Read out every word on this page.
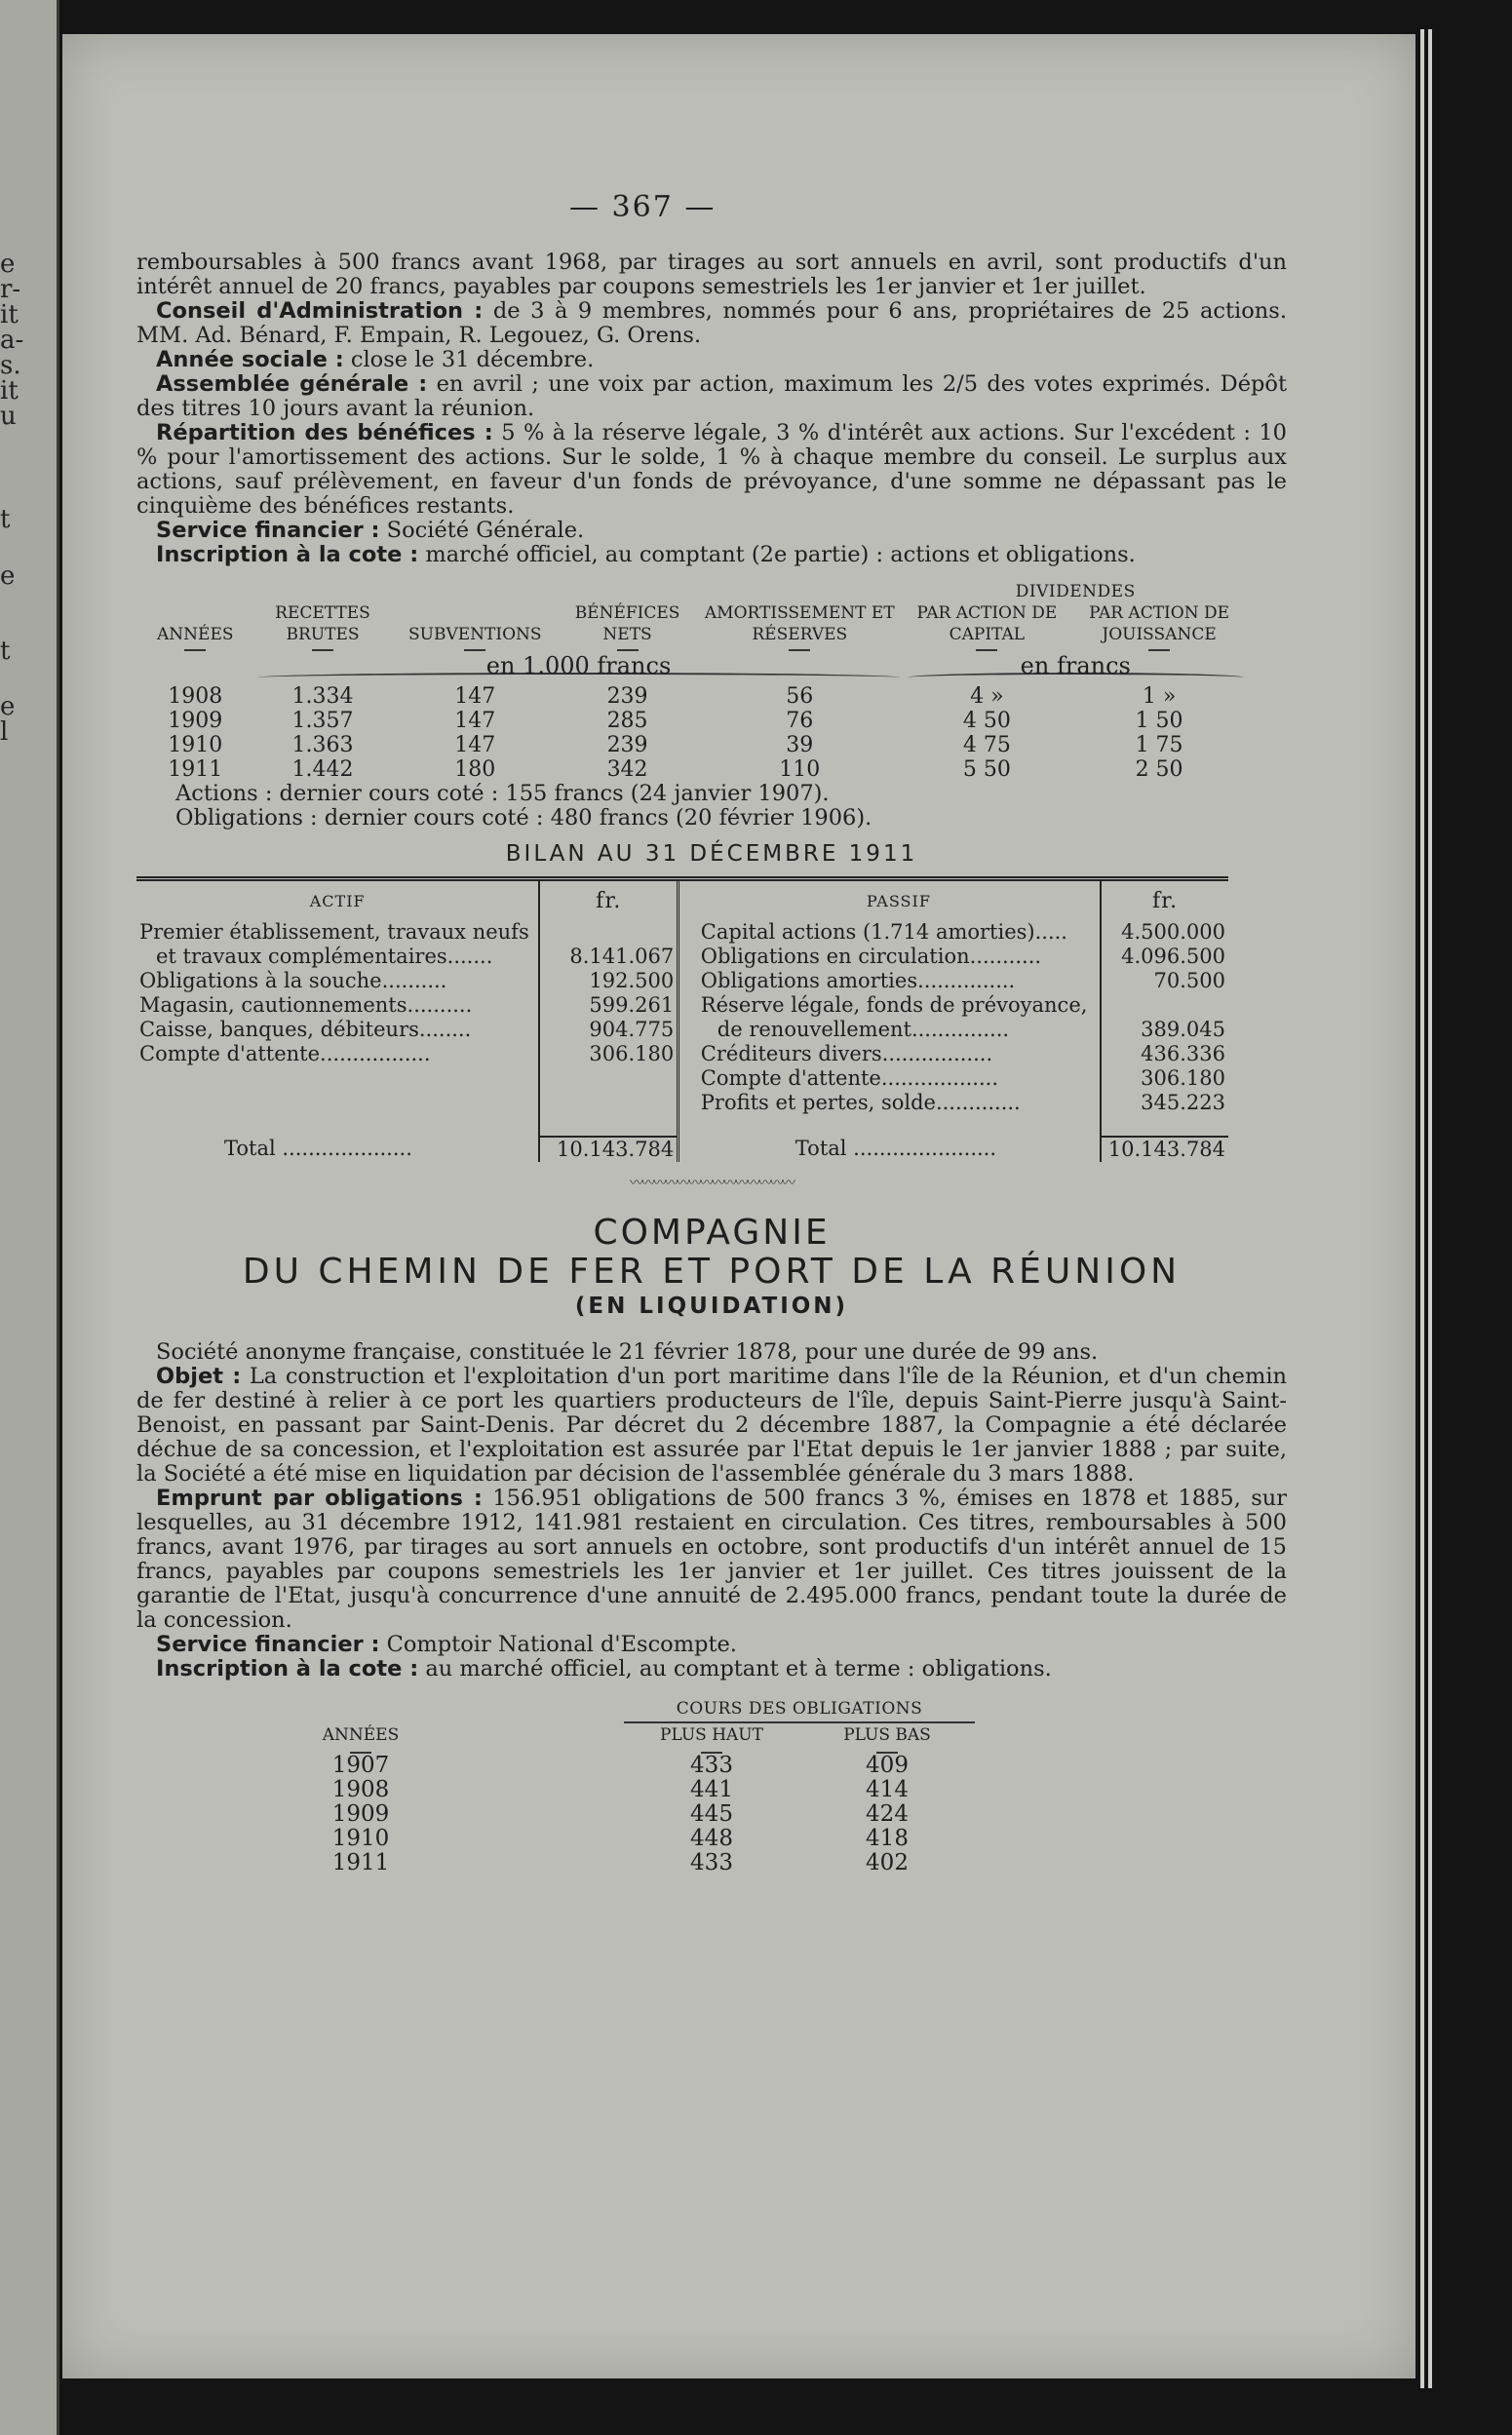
e
r-
it
a-
s.
it
u
t
e
t
e
l
— 367 —

remboursables à 500 francs avant 1968, par tirages au sort annuels en avril, sont productifs d'un intérêt annuel de 20 francs, payables par coupons semestriels les 1er janvier et 1er juillet.

Conseil d'Administration : de 3 à 9 membres, nommés pour 6 ans, propriétaires de 25 actions. MM. Ad. Bénard, F. Empain, R. Legouez, G. Orens.

Année sociale : close le 31 décembre.

Assemblée générale : en avril ; une voix par action, maximum les 2/5 des votes exprimés. Dépôt des titres 10 jours avant la réunion.

Répartition des bénéfices : 5 % à la réserve légale, 3 % d'intérêt aux actions. Sur l'excédent : 10 % pour l'amortissement des actions. Sur le solde, 1 % à chaque membre du conseil. Le surplus aux actions, sauf prélèvement, en faveur d'un fonds de prévoyance, d'une somme ne dépassant pas le cinquième des bénéfices restants.

Service financier : Société Générale.

Inscription à la cote : marché officiel, au comptant (2e partie) : actions et obligations.

					DIVIDENDES	
ANNÉES	RECETTES BRUTES	SUBVENTIONS	BÉNÉFICES NETS	AMORTISSEMENT ET RÉSERVES	PAR ACTION DE CAPITAL	PAR ACTION DE JOUISSANCE

	en 1.000 francs				en francs	

1908	1.334	147	239	56	4 »	1 »
1909	1.357	147	285	76	4 50	1 50
1910	1.363	147	239	39	4 75	1 75
1911	1.442	180	342	110	5 50	2 50

Actions : dernier cours coté : 155 francs (24 janvier 1907).

Obligations : dernier cours coté : 480 francs (20 février 1906).

BILAN AU 31 DÉCEMBRE 1911
ACTIF	fr.		PASSIF	fr.
Premier établissement, travaux neufs			Capital actions (1.714 amorties).....	4.500.000
et travaux complémentaires.......	8.141.067		Obligations en circulation...........	4.096.500
Obligations à la souche..........	192.500		Obligations amorties...............	70.500
Magasin, cautionnements..........	599.261		Réserve légale, fonds de prévoyance,	
Caisse, banques, débiteurs........	904.775		de renouvellement...............	389.045
Compte d'attente.................	306.180		Créditeurs divers.................	436.336
			Compte d'attente..................	306.180
			Profits et pertes, solde.............	345.223

Total ....................	10.143.784		Total ......................	10.143.784
〰〰〰〰〰〰〰〰〰〰〰〰〰〰
COMPAGNIE
DU CHEMIN DE FER ET PORT DE LA RÉUNION
(EN LIQUIDATION)

Société anonyme française, constituée le 21 février 1878, pour une durée de 99 ans.

Objet : La construction et l'exploitation d'un port maritime dans l'île de la Réunion, et d'un chemin de fer destiné à relier à ce port les quartiers producteurs de l'île, depuis Saint-Pierre jusqu'à Saint-Benoist, en passant par Saint-Denis. Par décret du 2 décembre 1887, la Compagnie a été déclarée déchue de sa concession, et l'exploitation est assurée par l'Etat depuis le 1er janvier 1888 ; par suite, la Société a été mise en liquidation par décision de l'assemblée générale du 3 mars 1888.

Emprunt par obligations : 156.951 obligations de 500 francs 3 %, émises en 1878 et 1885, sur lesquelles, au 31 décembre 1912, 141.981 restaient en circulation. Ces titres, remboursables à 500 francs, avant 1976, par tirages au sort annuels en octobre, sont productifs d'un intérêt annuel de 15 francs, payables par coupons semestriels les 1er janvier et 1er juillet. Ces titres jouissent de la garantie de l'Etat, jusqu'à concurrence d'une annuité de 2.495.000 francs, pendant toute la durée de la concession.

Service financier : Comptoir National d'Escompte.

Inscription à la cote : au marché officiel, au comptant et à terme : obligations.

		COURS DES OBLIGATIONS	
ANNÉES		PLUS HAUT	PLUS BAS

1907		433	409
1908		441	414
1909		445	424
1910		448	418
1911		433	402
